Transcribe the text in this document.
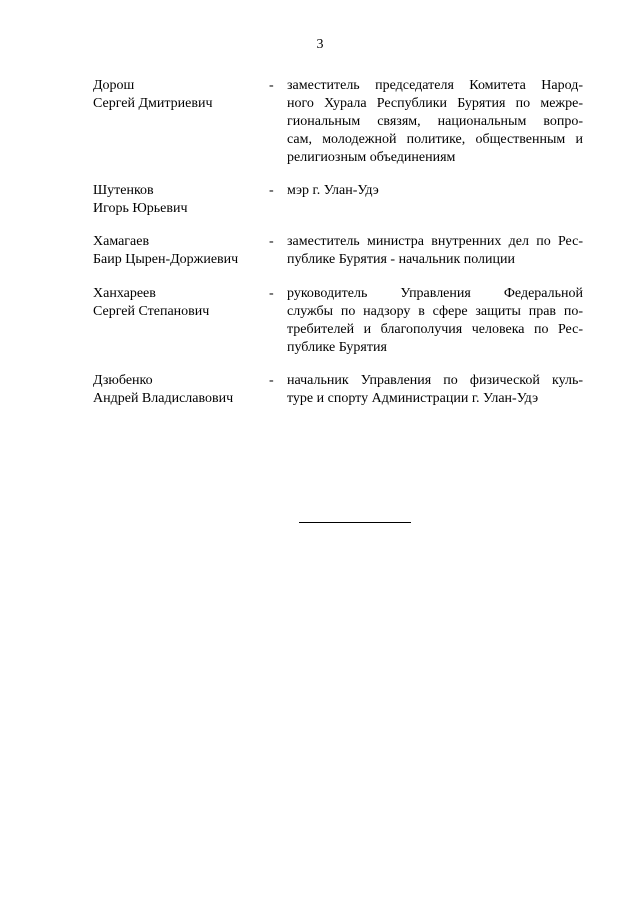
3
Дорош
Сергей Дмитриевич
- заместитель председателя Комитета Народ-
ного Хурала Республики Бурятия по межре-
гиональным связям, национальным вопро-
сам, молодежной политике, общественным и
религиозным объединениям
Шутенков
Игорь Юрьевич
- мэр г. Улан-Удэ
Хамагаев
Баир Цырен-Доржиевич
- заместитель министра внутренних дел по Рес-
публике Бурятия - начальник полиции
Ханхареев
Сергей Степанович
- руководитель Управления Федеральной
службы по надзору в сфере защиты прав по-
требителей и благополучия человека по Рес-
публике Бурятия
Дзюбенко
Андрей Владиславович
- начальник Управления по физической куль-
туре и спорту Администрации г. Улан-Удэ
